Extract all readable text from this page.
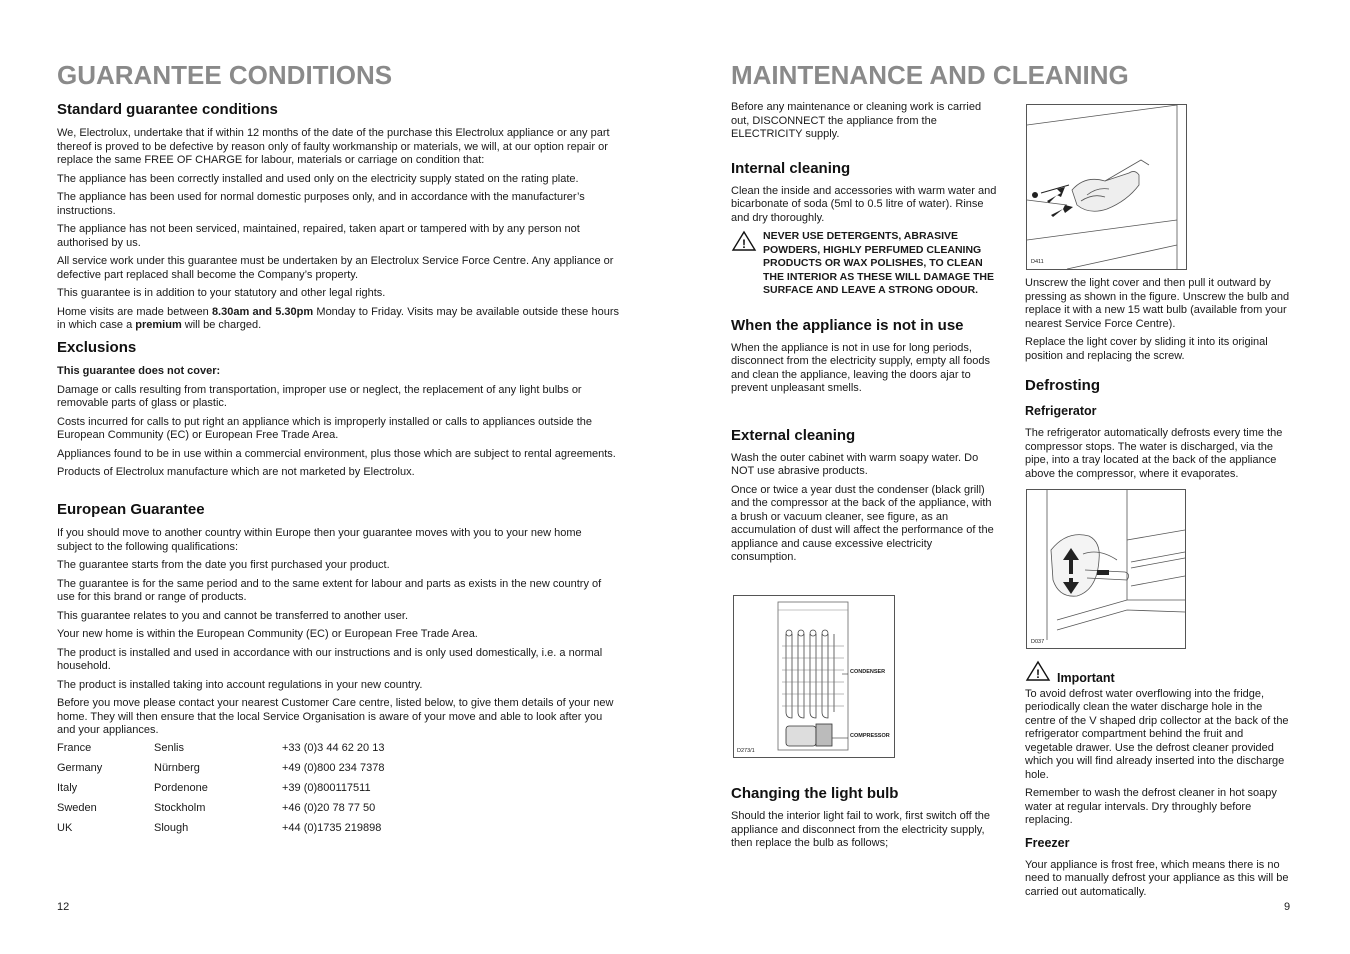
GUARANTEE CONDITIONS
Standard guarantee conditions

We, Electrolux, undertake that if within 12 months of the date of the purchase this Electrolux appliance or any part thereof is proved to be defective by reason only of faulty workmanship or materials, we will, at our option repair or replace the same FREE OF CHARGE for labour, materials or carriage on condition that:

The appliance has been correctly installed and used only on the electricity supply stated on the rating plate.

The appliance has been used for normal domestic purposes only, and in accordance with the manufacturer’s instructions.

The appliance has not been serviced, maintained, repaired, taken apart or tampered with by any person not authorised by us.

All service work under this guarantee must be undertaken by an Electrolux Service Force Centre. Any appliance or defective part replaced shall become the Company’s property.

This guarantee is in addition to your statutory and other legal rights.

Home visits are made between 8.30am and 5.30pm Monday to Friday. Visits may be available outside these hours in which case a premium will be charged.

Exclusions

This guarantee does not cover:

Damage or calls resulting from transportation, improper use or neglect, the replacement of any light bulbs or removable parts of glass or plastic.

Costs incurred for calls to put right an appliance which is improperly installed or calls to appliances outside the European Community (EC) or European Free Trade Area.

Appliances found to be in use within a commercial environment, plus those which are subject to rental agreements.

Products of Electrolux manufacture which are not marketed by Electrolux.

European Guarantee

If you should move to another country within Europe then your guarantee moves with you to your new home subject to the following qualifications:

The guarantee starts from the date you first purchased your product.

The guarantee is for the same period and to the same extent for labour and parts as exists in the new country of use for this brand or range of products.

This guarantee relates to you and cannot be transferred to another user.

Your new home is within the European Community (EC) or European Free Trade Area.

The product is installed and used in accordance with our instructions and is only used domestically, i.e. a normal household.

The product is installed taking into account regulations in your new country.

Before you move please contact your nearest Customer Care centre, listed below, to give them details of your new home. They will then ensure that the local Service Organisation is aware of your move and able to look after you and your appliances.

France	Senlis	+33 (0)3 44 62 20 13
Germany	Nürnberg	+49 (0)800 234 7378
Italy	Pordenone	+39 (0)800117511
Sweden	Stockholm	+46 (0)20 78 77 50
UK	Slough	+44 (0)1735 219898
12
MAINTENANCE AND CLEANING

Before any maintenance or cleaning work is carried out, DISCONNECT the appliance from the ELECTRICITY supply.

Internal cleaning

Clean the inside and accessories with warm water and bicarbonate of soda (5ml to 0.5 litre of water). Rinse and dry thoroughly.

!

NEVER USE DETERGENTS, ABRASIVE POWDERS, HIGHLY PERFUMED CLEANING PRODUCTS OR WAX POLISHES, TO CLEAN THE INTERIOR AS THESE WILL DAMAGE THE SURFACE AND LEAVE A STRONG ODOUR.

When the appliance is not in use

When the appliance is not in use for long periods, disconnect from the electricity supply, empty all foods and clean the appliance, leaving the doors ajar to prevent unpleasant smells.

External cleaning

Wash the outer cabinet with warm soapy water. Do NOT use abrasive products.

Once or twice a year dust the condenser (black grill) and the compressor at the back of the appliance, with a brush or vacuum cleaner, see figure, as an accumulation of dust will affect the performance of the appliance and cause excessive electricity consumption.

CONDENSER
COMPRESSOR
D273/1
Changing the light bulb

Should the interior light fail to work, first switch off the appliance and disconnect from the electricity supply, then replace the bulb as follows;

D411

Unscrew the light cover and then pull it outward by pressing as shown in the figure. Unscrew the bulb and replace it with a new 15 watt bulb (available from your nearest Service Force Centre).

Replace the light cover by sliding it into its original position and replacing the screw.

Defrosting
Refrigerator

The refrigerator automatically defrosts every time the compressor stops. The water is discharged, via the pipe, into a tray located at the back of the appliance above the compressor, where it evaporates.

D037
! Important

To avoid defrost water overflowing into the fridge, periodically clean the water discharge hole in the centre of the V shaped drip collector at the back of the refrigerator compartment behind the fruit and vegetable drawer. Use the defrost cleaner provided which you will find already inserted into the discharge hole.

Remember to wash the defrost cleaner in hot soapy water at regular intervals. Dry throughly before replacing.

Freezer

Your appliance is frost free, which means there is no need to manually defrost your appliance as this will be carried out automatically.

9
